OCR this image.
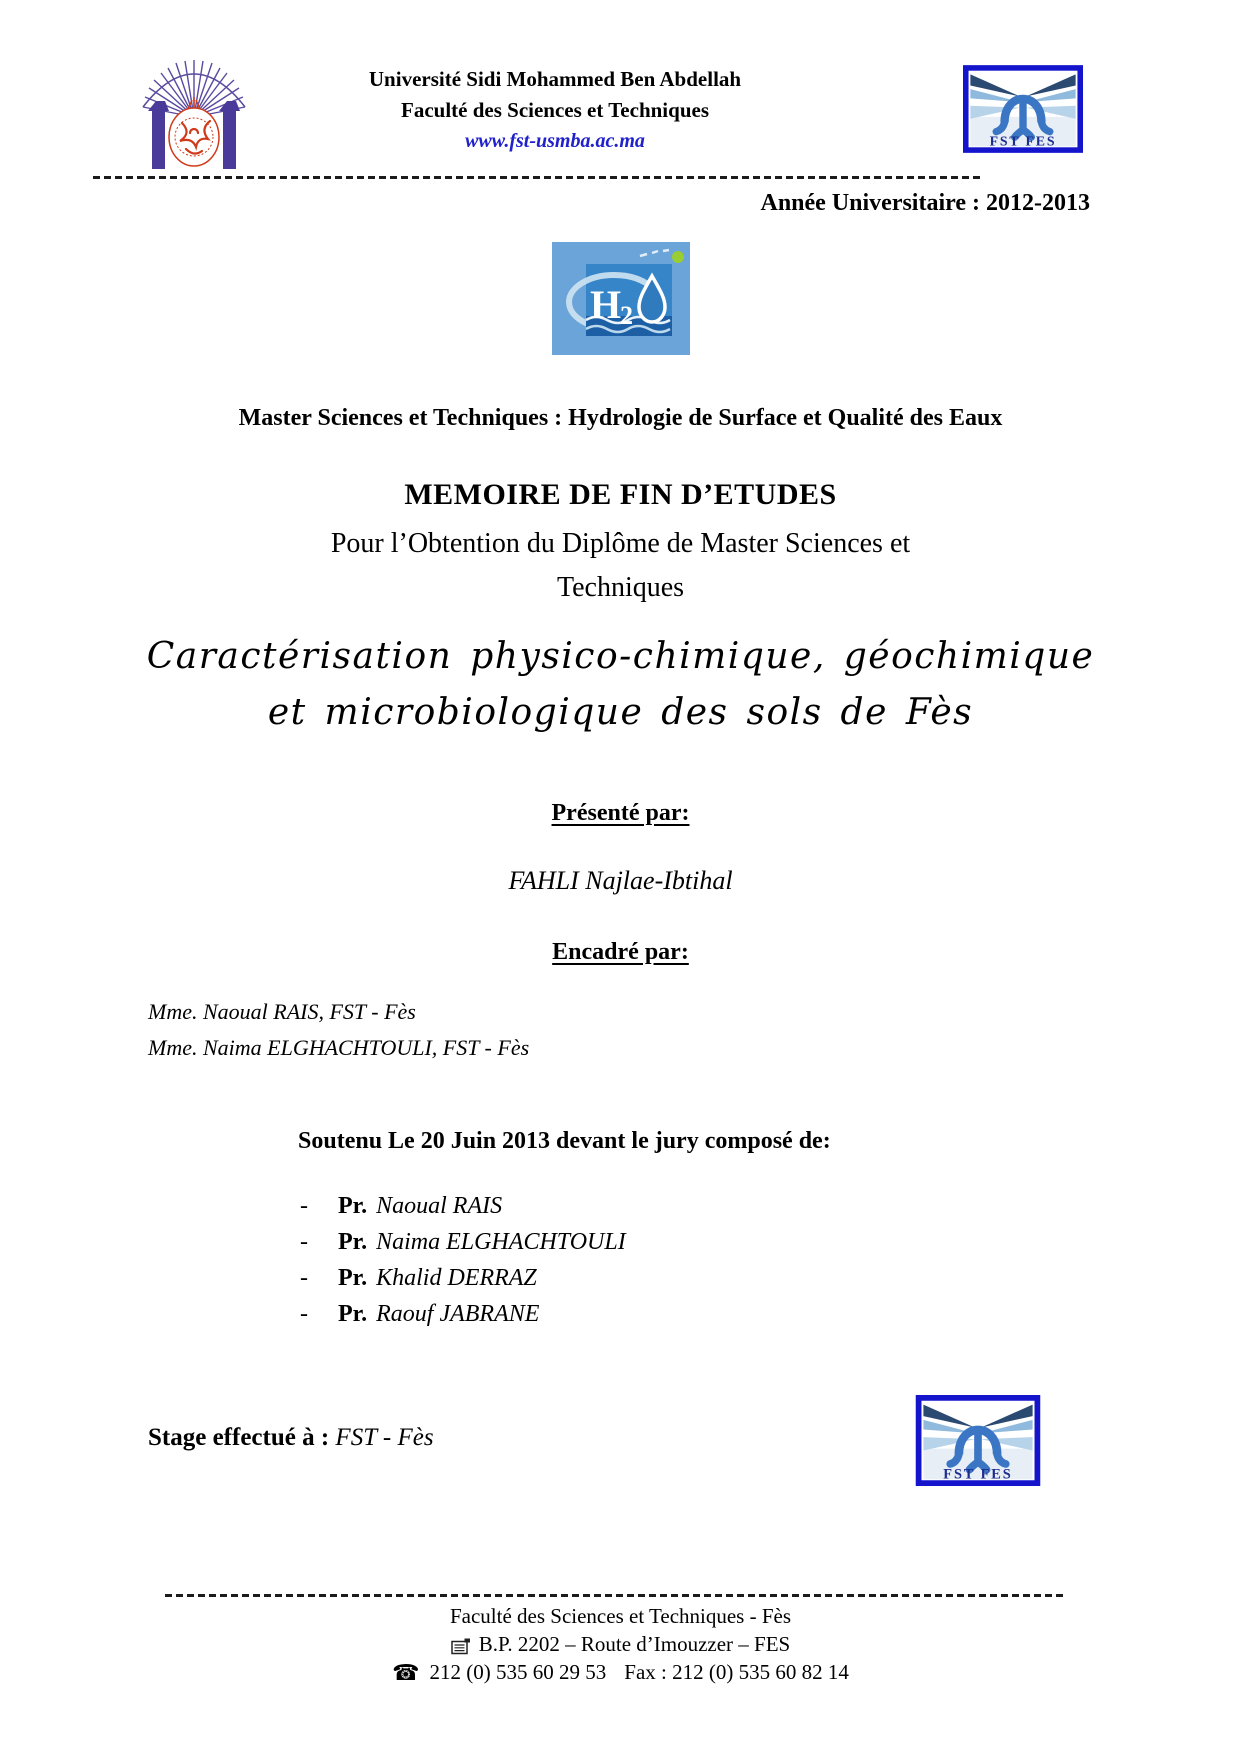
Université Sidi Mohammed Ben Abdellah
Faculté des Sciences et Techniques
www.fst-usmba.ac.ma	FST FES
Année Universitaire : 2012-2013
H
2
Master Sciences et Techniques : Hydrologie de Surface et Qualité des Eaux
MEMOIRE DE FIN D’ETUDES
Pour l’Obtention du Diplôme de Master Sciences et
Techniques
Caractérisation physico-chimique, géochimique
et microbiologique des sols de Fès
Présenté par:
FAHLI Najlae-Ibtihal
Encadré par:
Mme. Naoual RAIS, FST - Fès
Mme. Naima ELGHACHTOULI, FST - Fès
Soutenu Le 20 Juin 2013 devant le jury composé de:
- Pr. Naoual RAIS
- Pr. Naima ELGHACHTOULI
- Pr. Khalid DERRAZ
- Pr. Raouf JABRANE
Stage effectué à : FST - Fès
FST FES
Faculté des Sciences et Techniques - Fès
B.P. 2202 – Route d’Imouzzer – FES
☎ 212 (0) 535 60 29 53 Fax : 212 (0) 535 60 82 14
